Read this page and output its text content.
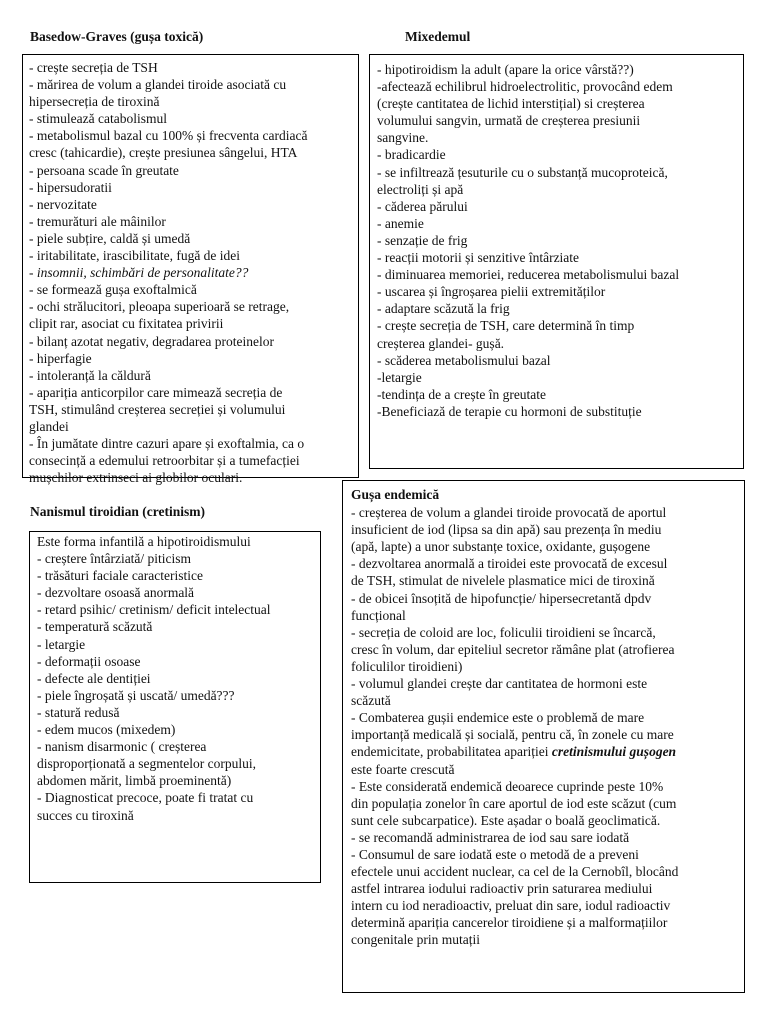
Basedow-Graves (gușa toxică)
- crește secreția de TSH
- mărirea de volum a glandei tiroide asociată cu
hipersecreția de tiroxină
- stimulează catabolismul
- metabolismul bazal cu 100% și frecventa cardiacă
cresc (tahicardie), crește presiunea sângelui, HTA
- persoana scade în greutate
- hipersudoratii
- nervozitate
- tremurături ale mâinilor
- piele subțire, caldă și umedă
- iritabilitate, irascibilitate, fugă de idei
- insomnii, schimbări de personalitate??
- se formează gușa exoftalmică
- ochi strălucitori, pleoapa superioară se retrage,
clipit rar, asociat cu fixitatea privirii
- bilanț azotat negativ, degradarea proteinelor
- hiperfagie
- intoleranță la căldură
- apariția anticorpilor care mimează secreția de
TSH, stimulând creșterea secreției și volumului
glandei
- În jumătate dintre cazuri apare și exoftalmia, ca o
consecință a edemului retroorbitar și a tumefacției
mușchilor extrinseci ai globilor oculari.
Mixedemul
- hipotiroidism la adult (apare la orice vârstă??)
-afectează echilibrul hidroelectrolitic, provocând edem
(crește cantitatea de lichid interstițial) si creșterea
volumului sangvin, urmată de creșterea presiunii
sangvine.
- bradicardie
- se infiltrează țesuturile cu o substanță mucoproteică,
electroliți și apă
- căderea părului
- anemie
- senzație de frig
- reacții motorii și senzitive întârziate
- diminuarea memoriei, reducerea metabolismului bazal
- uscarea și îngroșarea pielii extremităților
- adaptare scăzută la frig
- crește secreția de TSH, care determină în timp
creșterea glandei- gușă.
- scăderea metabolismului bazal
-letargie
-tendința de a crește în greutate
-Beneficiază de terapie cu hormoni de substituție
Nanismul tiroidian (cretinism)
Este forma infantilă a hipotiroidismului
- creștere întârziată/ piticism
- trăsături faciale caracteristice
- dezvoltare osoasă anormală
- retard psihic/ cretinism/ deficit intelectual
- temperatură scăzută
- letargie
- deformații osoase
- defecte ale dentiției
- piele îngroșată și uscată/ umedă???
- statură redusă
- edem mucos (mixedem)
- nanism disarmonic ( creșterea
disproporționată a segmentelor corpului,
abdomen mărit, limbă proeminentă)
- Diagnosticat precoce, poate fi tratat cu
succes cu tiroxină
Gușa endemică
- creșterea de volum a glandei tiroide provocată de aportul
insuficient de iod (lipsa sa din apă) sau prezența în mediu
(apă, lapte) a unor substanțe toxice, oxidante, gușogene
- dezvoltarea anormală a tiroidei este provocată de excesul
de TSH, stimulat de nivelele plasmatice mici de tiroxină
- de obicei însoțită de hipofuncție/ hipersecretantă dpdv
funcțional
- secreția de coloid are loc, foliculii tiroidieni se încarcă,
cresc în volum, dar epiteliul secretor rămâne plat (atrofierea
foliculilor tiroidieni)
- volumul glandei crește dar cantitatea de hormoni este
scăzută
- Combaterea gușii endemice este o problemă de mare
importanță medicală și socială, pentru că, în zonele cu mare
endemicitate, probabilitatea apariției cretinismului gușogen
este foarte crescută
- Este considerată endemică deoarece cuprinde peste 10%
din populația zonelor în care aportul de iod este scăzut (cum
sunt cele subcarpatice). Este așadar o boală geoclimatică.
- se recomandă administrarea de iod sau sare iodată
- Consumul de sare iodată este o metodă de a preveni
efectele unui accident nuclear, ca cel de la Cernobîl, blocând
astfel intrarea iodului radioactiv prin saturarea mediului
intern cu iod neradioactiv, preluat din sare, iodul radioactiv
determină apariția cancerelor tiroidiene și a malformațiilor
congenitale prin mutații
